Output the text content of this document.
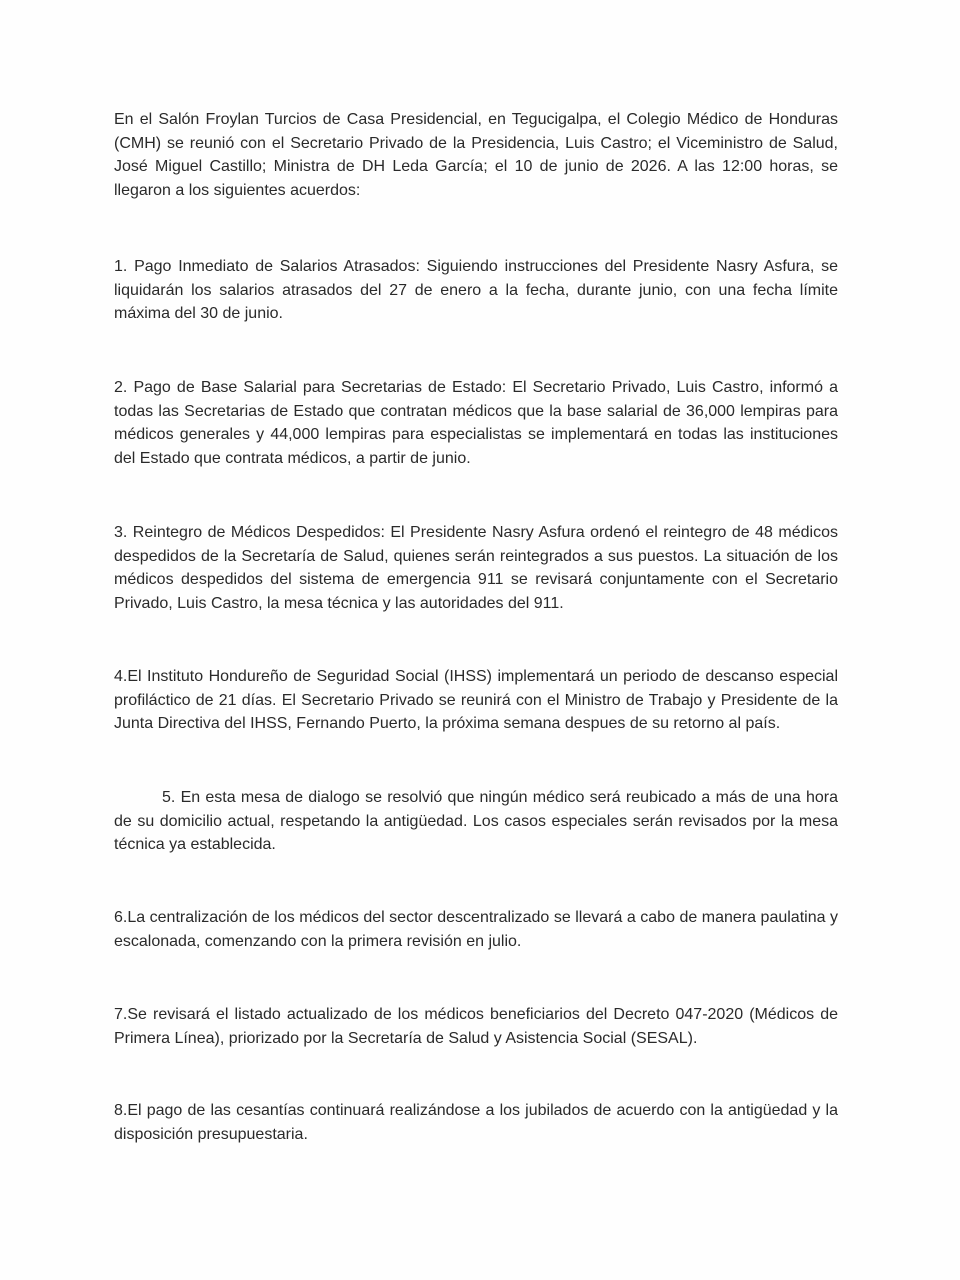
En el Salón Froylan Turcios de Casa Presidencial, en Tegucigalpa, el Colegio Médico de Honduras (CMH) se reunió con el Secretario Privado de la Presidencia, Luis Castro; el Viceministro de Salud, José Miguel Castillo; Ministra de DH Leda García; el 10 de junio de 2026. A las 12:00 horas, se llegaron a los siguientes acuerdos:

1. Pago Inmediato de Salarios Atrasados: Siguiendo instrucciones del Presidente Nasry Asfura, se liquidarán los salarios atrasados del 27 de enero a la fecha, durante junio, con una fecha límite máxima del 30 de junio.

2. Pago de Base Salarial para Secretarias de Estado: El Secretario Privado, Luis Castro, informó a todas las Secretarias de Estado que contratan médicos que la base salarial de 36,000 lempiras para médicos generales y 44,000 lempiras para especialistas se implementará en todas las instituciones del Estado que contrata médicos, a partir de junio.

3. Reintegro de Médicos Despedidos: El Presidente Nasry Asfura ordenó el reintegro de 48 médicos despedidos de la Secretaría de Salud, quienes serán reintegrados a sus puestos. La situación de los médicos despedidos del sistema de emergencia 911 se revisará conjuntamente con el Secretario Privado, Luis Castro, la mesa técnica y las autoridades del 911.

4.El Instituto Hondureño de Seguridad Social (IHSS) implementará un periodo de descanso especial profiláctico de 21 días. El Secretario Privado se reunirá con el Ministro de Trabajo y Presidente de la Junta Directiva del IHSS, Fernando Puerto, la próxima semana despues de su retorno al país.

5. En esta mesa de dialogo se resolvió que ningún médico será reubicado a más de una hora de su domicilio actual, respetando la antigüedad. Los casos especiales serán revisados por la mesa técnica ya establecida.

6.La centralización de los médicos del sector descentralizado se llevará a cabo de manera paulatina y escalonada, comenzando con la primera revisión en julio.

7.Se revisará el listado actualizado de los médicos beneficiarios del Decreto 047-2020 (Médicos de Primera Línea), priorizado por la Secretaría de Salud y Asistencia Social (SESAL).

8.El pago de las cesantías continuará realizándose a los jubilados de acuerdo con la antigüedad y la disposición presupuestaria.
